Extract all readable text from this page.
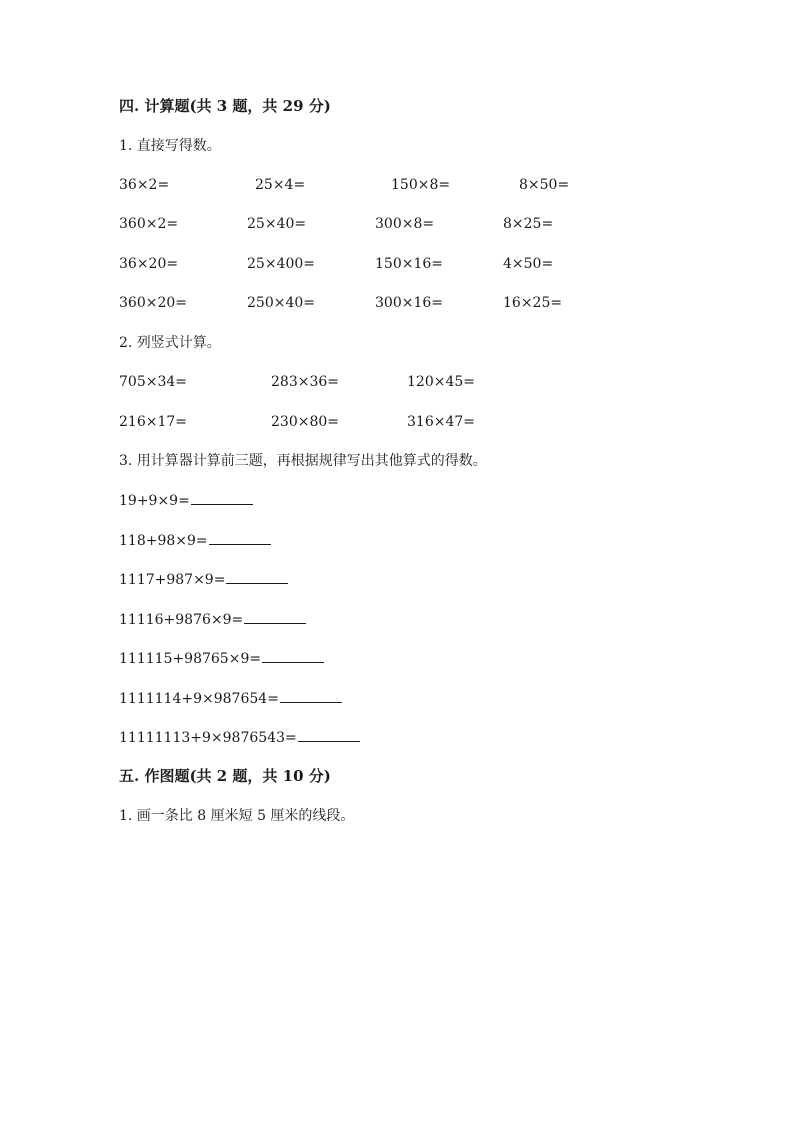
四. 计算题(共 3 题，共 29 分)
1. 直接写得数。
36×2=	25×4=	150×8=	8×50=
360×2=	25×40=	300×8=	8×25=
36×20=	25×400=	150×16=	4×50=
360×20=	250×40=	300×16=	16×25=
2. 列竖式计算。
705×34=	283×36=	120×45=
216×17=	230×80=	316×47=
3. 用计算器计算前三题，再根据规律写出其他算式的得数。
19+9×9=
118+98×9=
1117+987×9=
11116+9876×9=
111115+98765×9=
1111114+9×987654=
11111113+9×9876543=
五. 作图题(共 2 题，共 10 分)
1. 画一条比 8 厘米短 5 厘米的线段。
